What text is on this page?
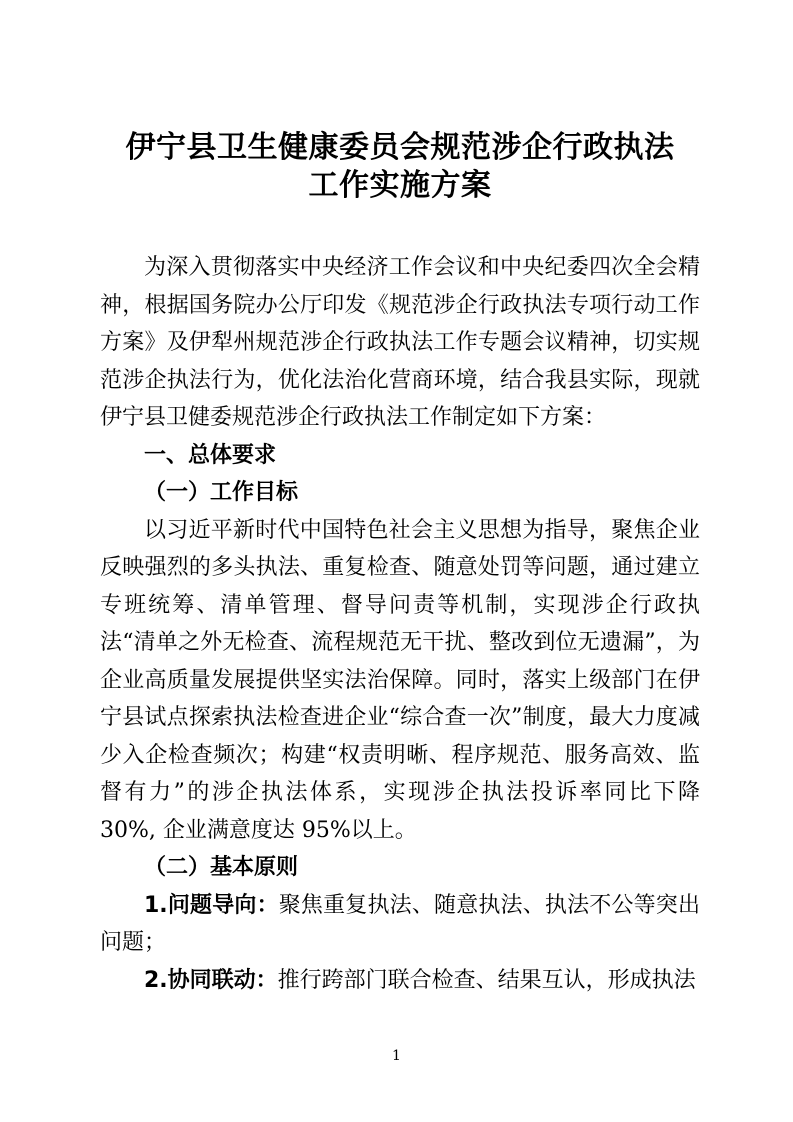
伊宁县卫生健康委员会规范涉企行政执法
工作实施方案

为深入贯彻落实中央经济工作会议和中央纪委四次全会精神，根据国务院办公厅印发《规范涉企行政执法专项行动工作方案》及伊犁州规范涉企行政执法工作专题会议精神，切实规范涉企执法行为，优化法治化营商环境，结合我县实际，现就伊宁县卫健委规范涉企行政执法工作制定如下方案：

一、总体要求
（一）工作目标

以习近平新时代中国特色社会主义思想为指导，聚焦企业反映强烈的多头执法、重复检查、随意处罚等问题，通过建立专班统筹、清单管理、督导问责等机制，实现涉企行政执法“清单之外无检查、流程规范无干扰、整改到位无遗漏”，为企业高质量发展提供坚实法治保障。同时，落实上级部门在伊宁县试点探索执法检查进企业“综合查一次”制度，最大力度减少入企检查频次；构建“权责明晰、程序规范、服务高效、监督有力”的涉企执法体系，实现涉企执法投诉率同比下降 30%, 企业满意度达 95%以上。

（二）基本原则

1.问题导向：聚焦重复执法、随意执法、执法不公等突出问题；

2.协同联动：推行跨部门联合检查、结果互认，形成执法

1
